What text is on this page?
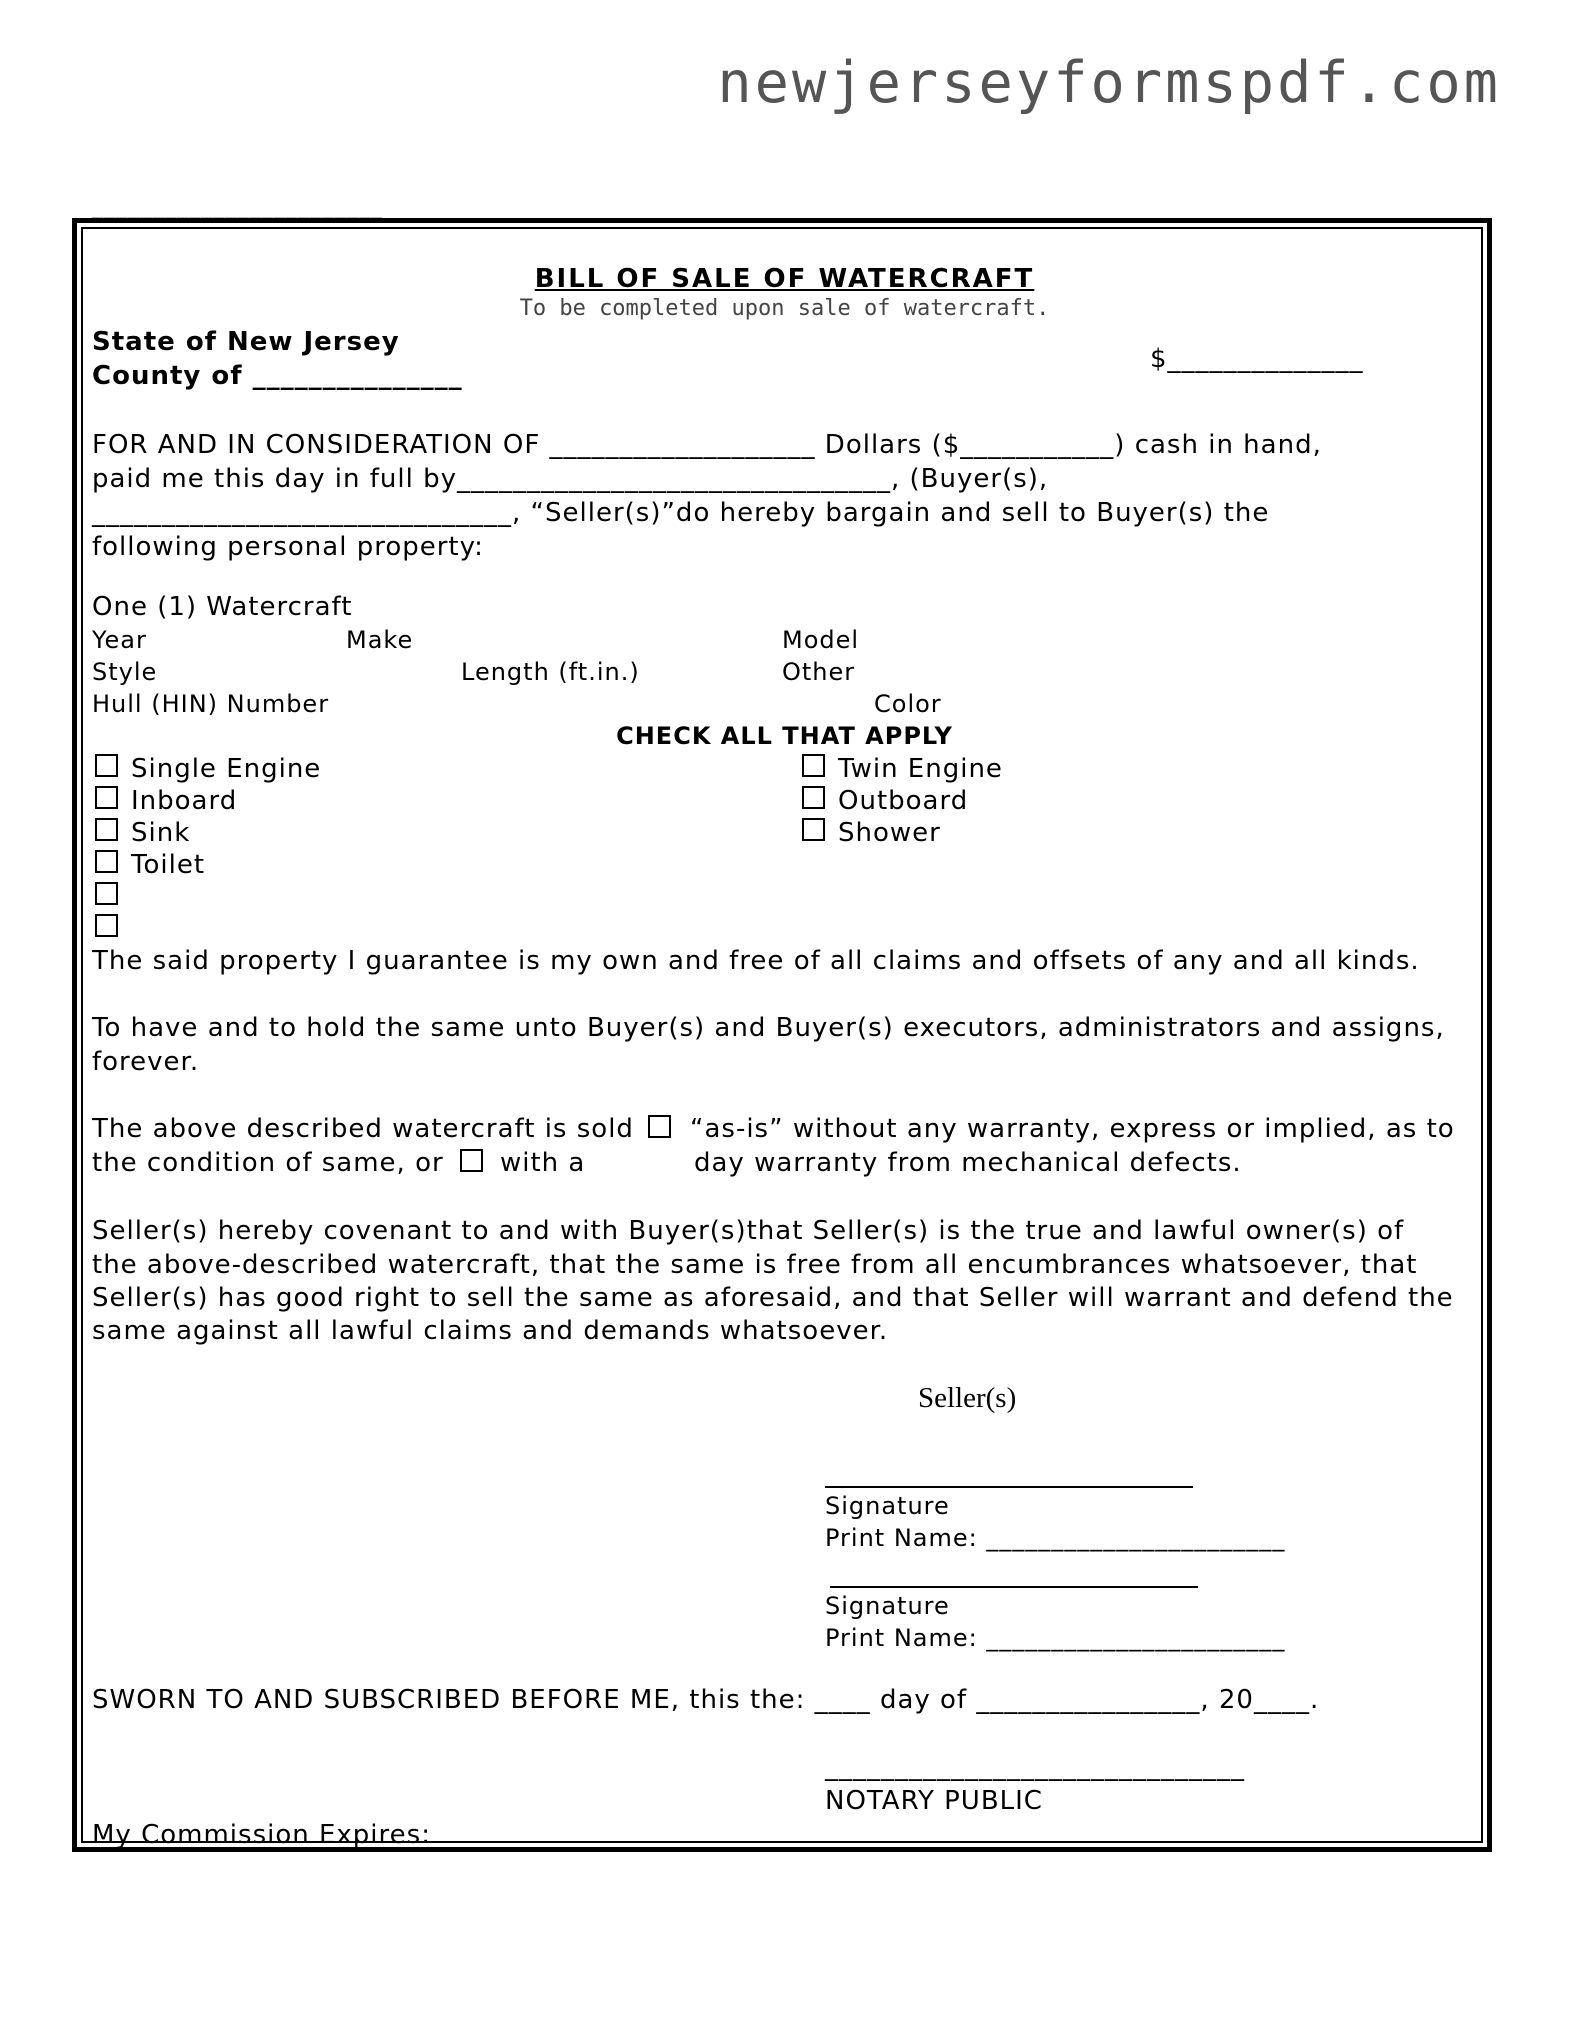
newjerseyformspdf.com
________________________
BILL OF SALE OF WATERCRAFT
To be completed upon sale of watercraft.
State of New Jersey
County of _______________
$______________
FOR AND IN CONSIDERATION OF ___________________ Dollars ($___________) cash in hand,
paid me this day in full by_______________________________, (Buyer(s),
______________________________, “Seller(s)”do hereby bargain and sell to Buyer(s) the
following personal property:
One (1) Watercraft
Year	Make	Model
Style	Length (ft.in.)	Other
Hull (HIN) Number	Color
CHECK ALL THAT APPLY
Single Engine
Inboard
Sink
Toilet
Twin Engine
Outboard
Shower
The said property I guarantee is my own and free of all claims and offsets of any and all kinds.
To have and to hold the same unto Buyer(s) and Buyer(s) executors, administrators and assigns,
forever.
The above described watercraft is sold “as-is” without any warranty, express or implied, as to
the condition of same, or with a	day warranty from mechanical defects.
Seller(s) hereby covenant to and with Buyer(s)that Seller(s) is the true and lawful owner(s) of
the above-described watercraft, that the same is free from all encumbrances whatsoever, that
Seller(s) has good right to sell the same as aforesaid, and that Seller will warrant and defend the
same against all lawful claims and demands whatsoever.
Seller(s)
Signature
Print Name: _______________________
Signature
Print Name: _______________________
SWORN TO AND SUBSCRIBED BEFORE ME, this the: ____ day of ________________, 20____.
______________________________
NOTARY PUBLIC
My Commission Expires: ______________
